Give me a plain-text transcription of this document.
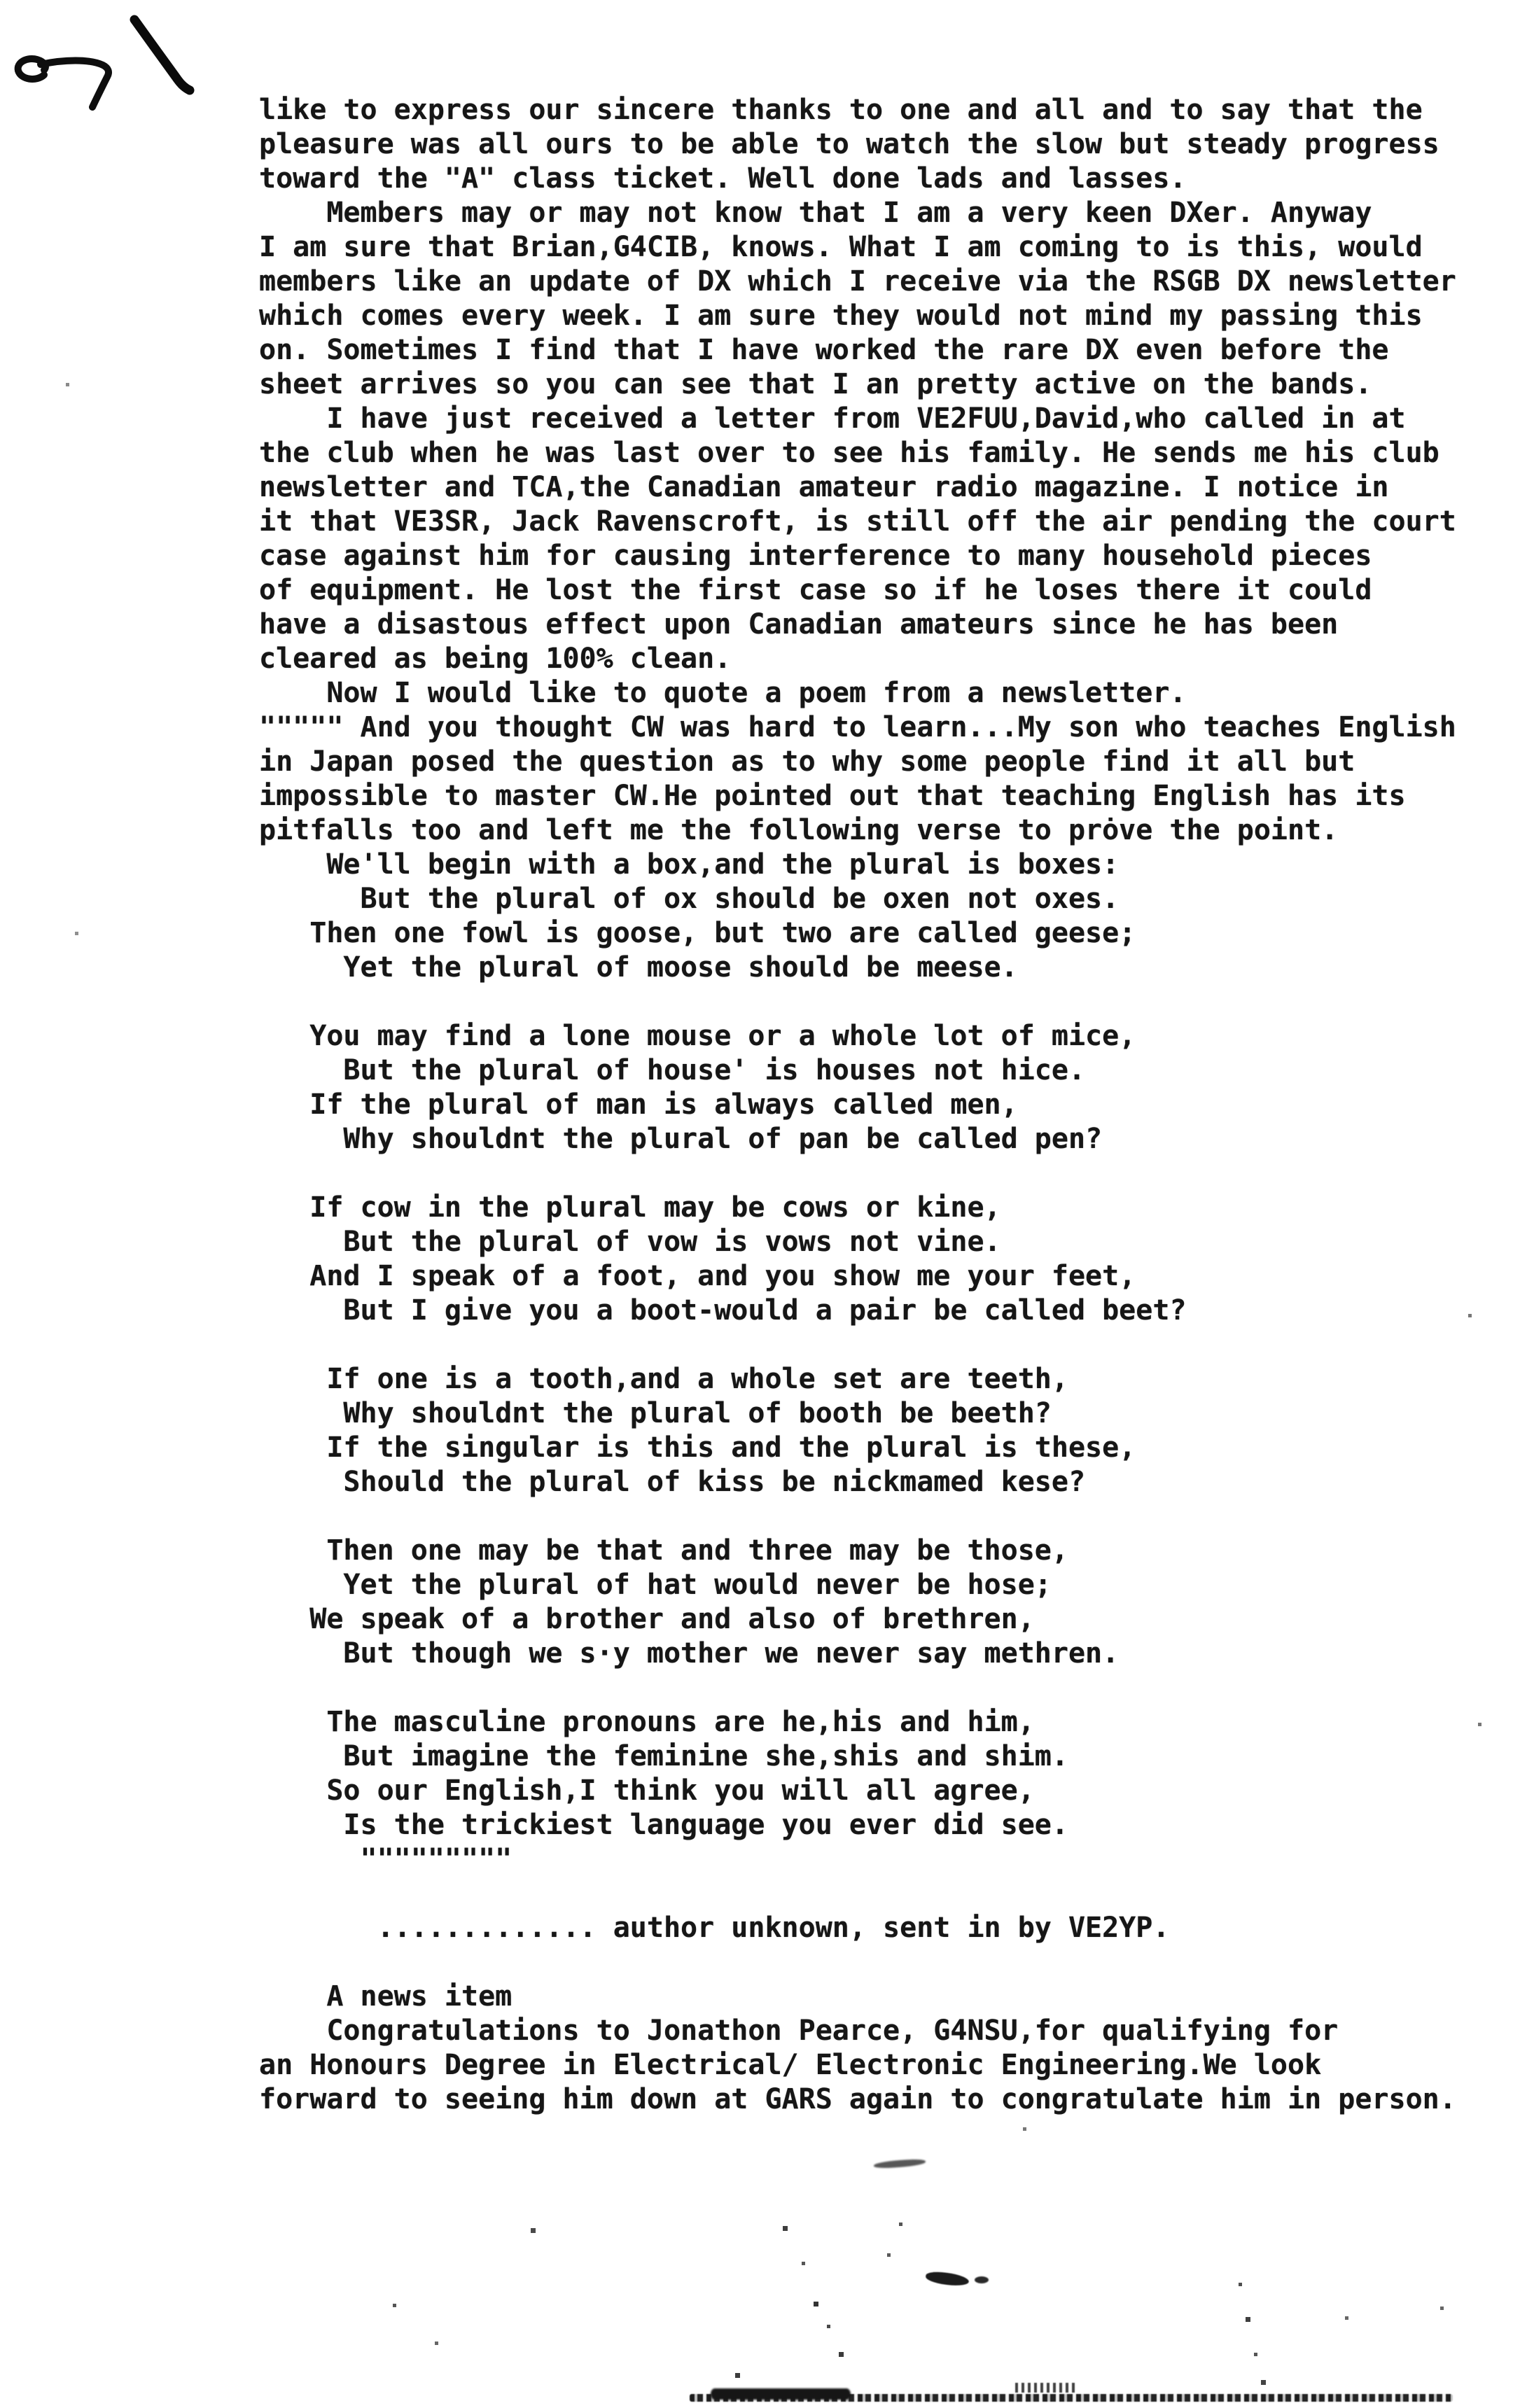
like to express our sincere thanks to one and all and to say that the
pleasure was all ours to be able to watch the slow but steady progress
toward the "A" class ticket. Well done lads and lasses.
Members may or may not know that I am a very keen DXer. Anyway
I am sure that Brian,G4CIB, knows. What I am coming to is this, would
members like an update of DX which I receive via the RSGB DX newsletter
which comes every week. I am sure they would not mind my passing this
on. Sometimes I find that I have worked the rare DX even before the
sheet arrives so you can see that I an pretty active on the bands.
I have just received a letter from VE2FUU,David,who called in at
the club when he was last over to see his family. He sends me his club
newsletter and TCA,the Canadian amateur radio magazine. I notice in
it that VE3SR, Jack Ravenscroft, is still off the air pending the court
case against him for causing interference to many household pieces
of equipment. He lost the first case so if he loses there it could
have a disastous effect upon Canadian amateurs since he has been
cleared as being 100% clean.
Now I would like to quote a poem from a newsletter.
""""" And you thought CW was hard to learn...My son who teaches English
in Japan posed the question as to why some people find it all but
impossible to master CW.He pointed out that teaching English has its
pitfalls too and left me the following verse to prȯve the point.
We'll begin with a box,and the plural is boxes:
But the plural of ox should be oxen not oxes.
Then one fowl is goose, but two are called geese;
Yet the plural of moose should be meese.

You may find a lone mouse or a whole lot of mice,
But the plural of house' is houses not hice.
If the plural of man is always called men,
Why shouldnt the plural of pan be called pen?

If cow in the plural may be cows or kine,
But the plural of vow is vows not vine.
And I speak of a foot, and you show me your feet,
But I give you a boot-would a pair be called beet?

If one is a tooth,and a whole set are teeth,
Why shouldnt the plural of booth be beeth?
If the singular is this and the plural is these,
Should the plural of kiss be nickmamed kese?

Then one may be that and three may be those,
Yet the plural of hat would never be hose;
We speak of a brother and also of brethren,
But though we s·y mother we never say methren.

The masculine pronouns are he,his and him,
But imagine the feminine she,shis and shim.
So our English,I think you will all agree,
Is the trickiest language you ever did see.
"""""""""

............. author unknown, sent in by VE2YP.

A news item
Congratulations to Jonathon Pearce, G4NSU,for qualifying for
an Honours Degree in Electrical/ Electronic Engineering.We look
forward to seeing him down at GARS again to congratulate him in person.
